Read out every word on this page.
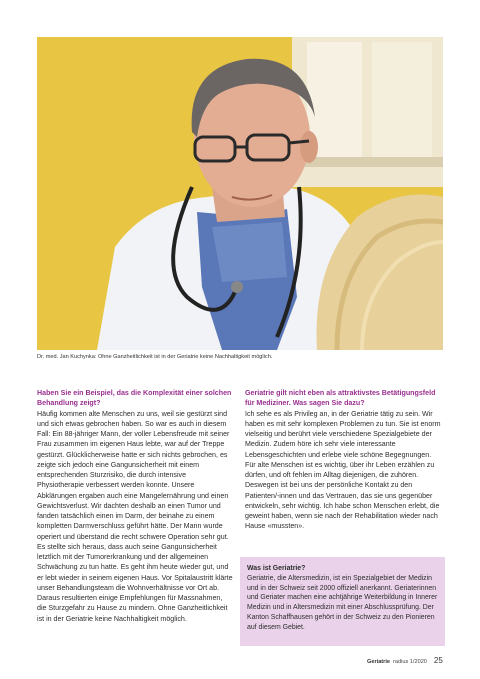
Dr. med. Jan Kuchynka: Ohne Ganzheitlichkeit ist in der Geriatrie keine Nachhaltigkeit möglich.

Haben Sie ein Beispiel, das die Komplexität einer solchen Behandlung zeigt?

Häufig kommen alte Menschen zu uns, weil sie gestürzt sind und sich etwas gebrochen haben. So war es auch in diesem Fall: Ein 88-jähriger Mann, der voller Lebensfreude mit seiner Frau zusammen im eigenen Haus lebte, war auf der Treppe gestürzt. Glücklicherweise hatte er sich nichts gebrochen, es zeigte sich jedoch eine Gangunsicherheit mit einem entsprechenden Sturzrisiko, die durch intensive Physiotherapie verbessert werden konnte. Unsere Abklärungen ergaben auch eine Mangelernährung und einen Gewichtsverlust. Wir dachten deshalb an einen Tumor und fanden tatsächlich einen im Darm, der beinahe zu einem kompletten Darmverschluss geführt hätte. Der Mann wurde operiert und überstand die recht schwere Operation sehr gut. Es stellte sich heraus, dass auch seine Gangunsicherheit letztlich mit der Tumorerkrankung und der allgemeinen Schwächung zu tun hatte. Es geht ihm heute wieder gut, und er lebt wieder in seinem eigenen Haus. Vor Spitalaustritt klärte unser Behandlungsteam die Wohnverhältnisse vor Ort ab. Daraus resultierten einige Empfehlungen für Massnahmen, die Sturzgefahr zu Hause zu mindern. Ohne Ganzheitlichkeit ist in der Geriatrie keine Nachhaltigkeit möglich.

Geriatrie gilt nicht eben als attraktivstes Betätigungsfeld für Mediziner. Was sagen Sie dazu?

Ich sehe es als Privileg an, in der Geriatrie tätig zu sein. Wir haben es mit sehr komplexen Problemen zu tun. Sie ist enorm vielseitig und berührt viele verschiedene Spezialgebiete der Medizin. Zudem höre ich sehr viele interessante Lebensgeschichten und erlebe viele schöne Begegnungen. Für alte Menschen ist es wichtig, über ihr Leben erzählen zu dürfen, und oft fehlen im Alltag diejenigen, die zuhören. Deswegen ist bei uns der persönliche Kontakt zu den Patienten/-innen und das Vertrauen, das sie uns gegenüber entwickeln, sehr wichtig. Ich habe schon Menschen erlebt, die geweint haben, wenn sie nach der Rehabilitation wieder nach Hause «mussten».

Was ist Geriatrie?

Geriatrie, die Altersmedizin, ist ein Spezialgebiet der Medizin und in der Schweiz seit 2000 offiziell anerkannt. Geriaterinnen und Geriater machen eine achtjährige Weiterbildung in Innerer Medizin und in Altersmedizin mit einer Abschlussprüfung. Der Kanton Schaffhausen gehört in der Schweiz zu den Pionieren auf diesem Gebiet.

Geriatrie radius 1/2020 25
